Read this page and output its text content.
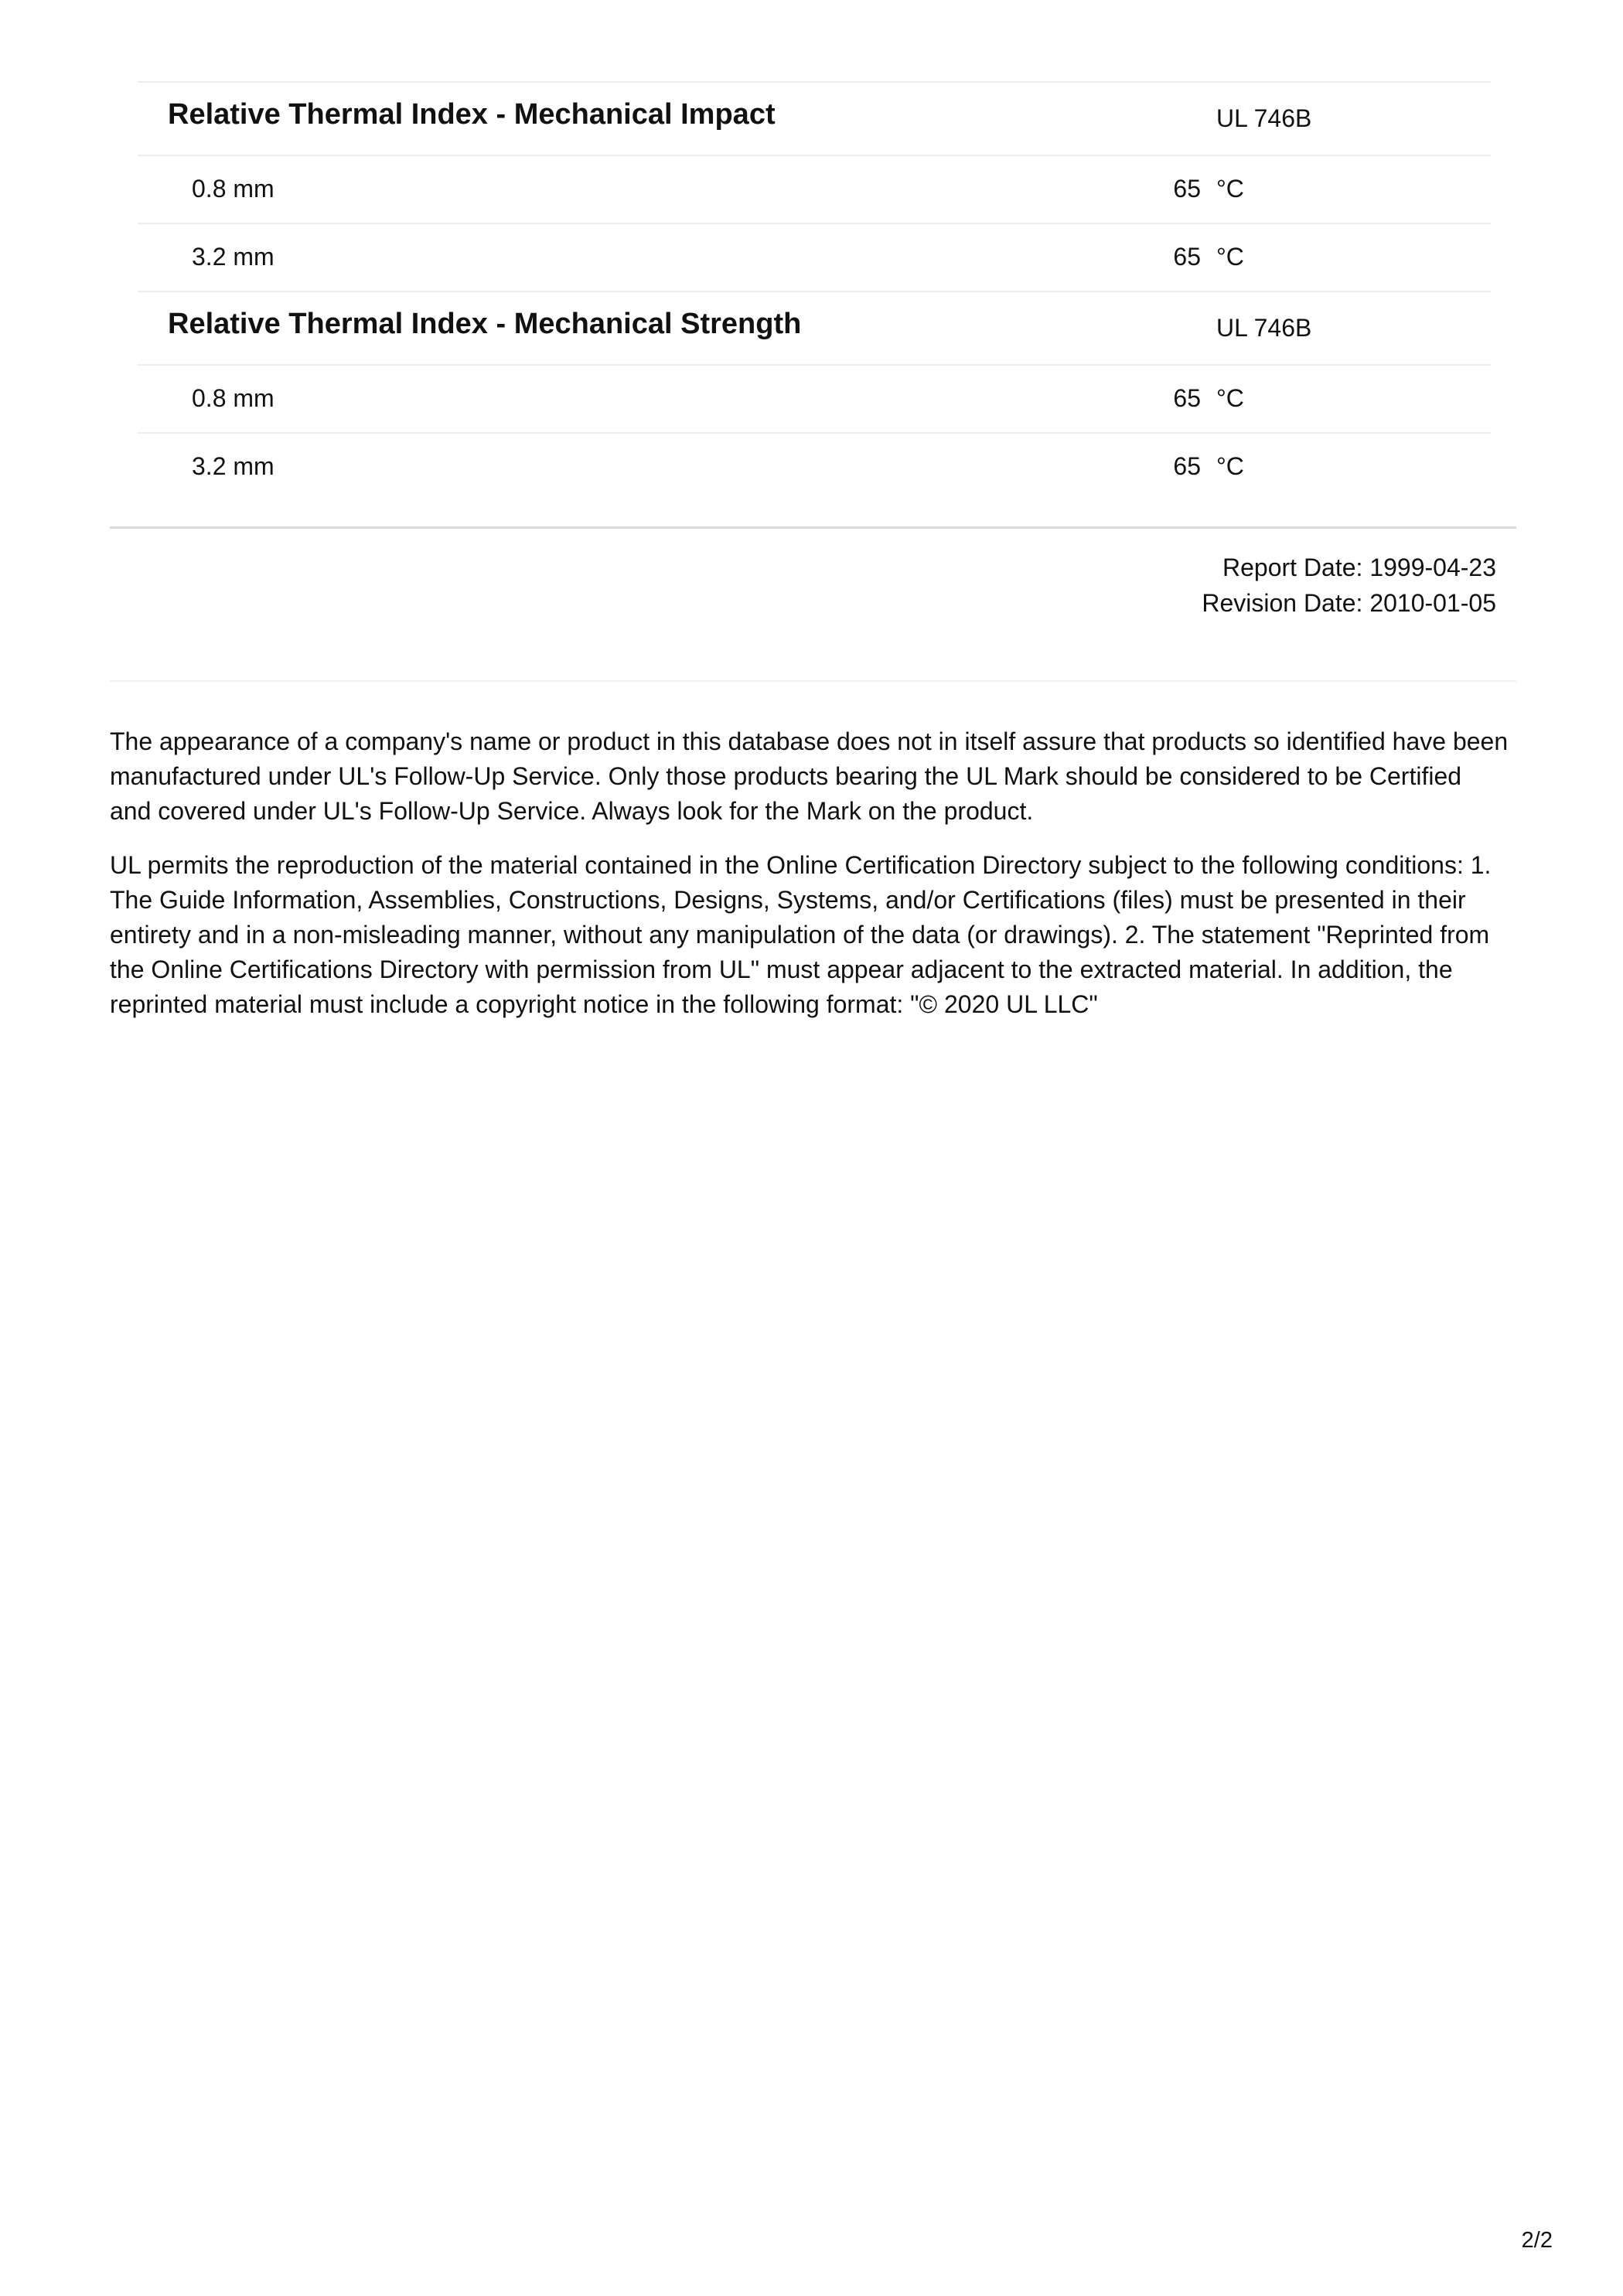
Relative Thermal Index - Mechanical Impact	UL 746B
0.8 mm	65 °C
3.2 mm	65 °C
Relative Thermal Index - Mechanical Strength	UL 746B
0.8 mm	65 °C
3.2 mm	65 °C
Report Date: 1999-04-23
Revision Date: 2010-01-05

The appearance of a company's name or product in this database does not in itself assure that products so identified have been manufactured under UL's Follow-Up Service. Only those products bearing the UL Mark should be considered to be Certified and covered under UL's Follow-Up Service. Always look for the Mark on the product.

UL permits the reproduction of the material contained in the Online Certification Directory subject to the following conditions: 1. The Guide Information, Assemblies, Constructions, Designs, Systems, and/or Certifications (files) must be presented in their entirety and in a non-misleading manner, without any manipulation of the data (or drawings). 2. The statement "Reprinted from the Online Certifications Directory with permission from UL" must appear adjacent to the extracted material. In addition, the reprinted material must include a copyright notice in the following format: "© 2020 UL LLC"

2/2
